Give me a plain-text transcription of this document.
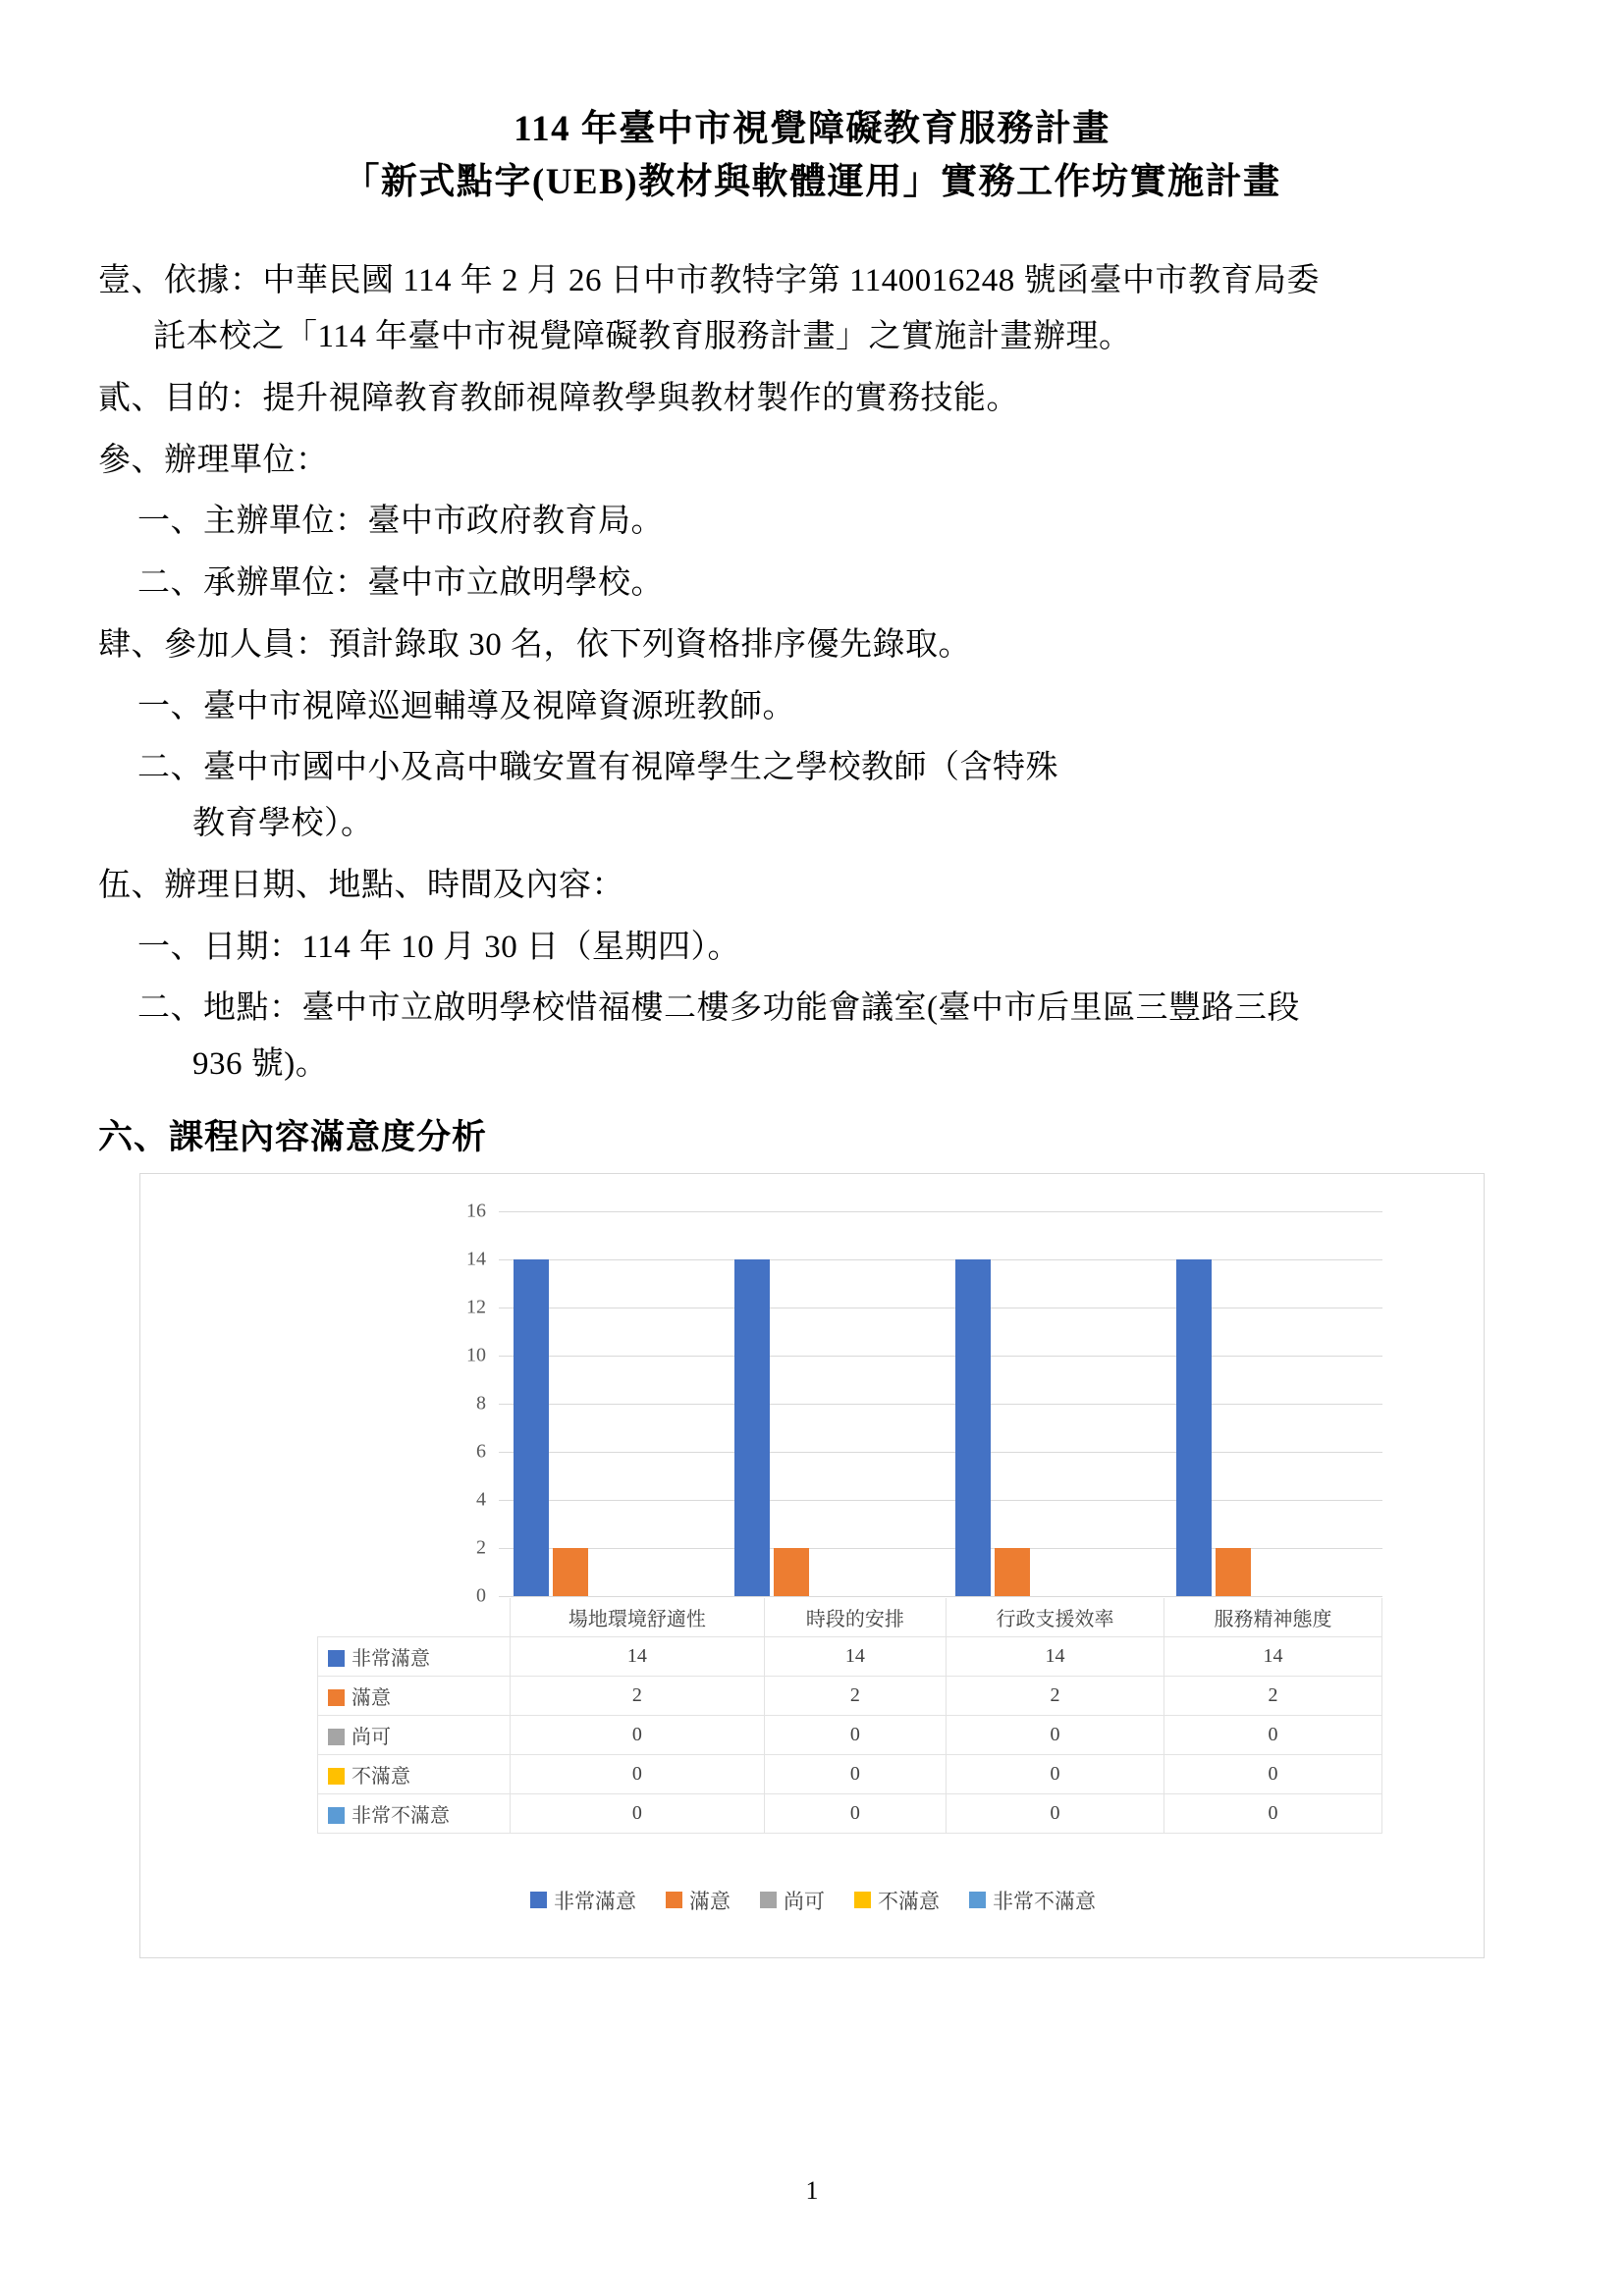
114 年臺中市視覺障礙教育服務計畫
「新式點字(UEB)教材與軟體運用」實務工作坊實施計畫
壹、依據：中華民國 114 年 2 月 26 日中市教特字第 1140016248 號函臺中市教育局委
託本校之「114 年臺中市視覺障礙教育服務計畫」之實施計畫辦理。
貳、目的：提升視障教育教師視障教學與教材製作的實務技能。
參、辦理單位：
一、主辦單位：臺中市政府教育局。
二、承辦單位：臺中市立啟明學校。
肆、參加人員：預計錄取 30 名，依下列資格排序優先錄取。
一、臺中市視障巡迴輔導及視障資源班教師。
二、臺中市國中小及高中職安置有視障學生之學校教師（含特殊
教育學校）。
伍、辦理日期、地點、時間及內容：
一、日期：114 年 10 月 30 日（星期四）。
二、地點：臺中市立啟明學校惜福樓二樓多功能會議室(臺中市后里區三豐路三段
936 號)。
六、課程內容滿意度分析
16
14
12
10
8
6
4
2
0
	場地環境舒適性	時段的安排	行政支援效率	服務精神態度
非常滿意	14	14	14	14
滿意	2	2	2	2
尚可	0	0	0	0
不滿意	0	0	0	0
非常不滿意	0	0	0	0
非常滿意	滿意	尚可	不滿意	非常不滿意
1
